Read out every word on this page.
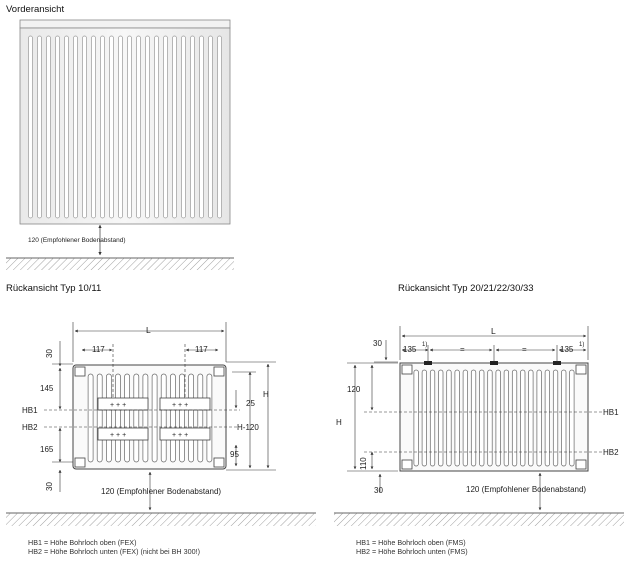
Vorderansicht
Rückansicht Typ 10/11	Rückansicht Typ 20/21/22/30/33
120 (Empfohlener Bodenabstand)
+ + +
+ + +
+ + +
+ + +
L
117	117
30
145
165
30
HB1
HB2
H
25
H-120
95
120 (Empfohlener Bodenabstand)
L
30
135 1)	=	=	135 1)
120
H
110
30
HB1
HB2
120 (Empfohlener Bodenabstand)
HB1 = Höhe Bohrloch oben (FEX)
HB2 = Höhe Bohrloch unten (FEX) (nicht bei BH 300!)
HB1 = Höhe Bohrloch oben (FMS)
HB2 = Höhe Bohrloch unten (FMS)
